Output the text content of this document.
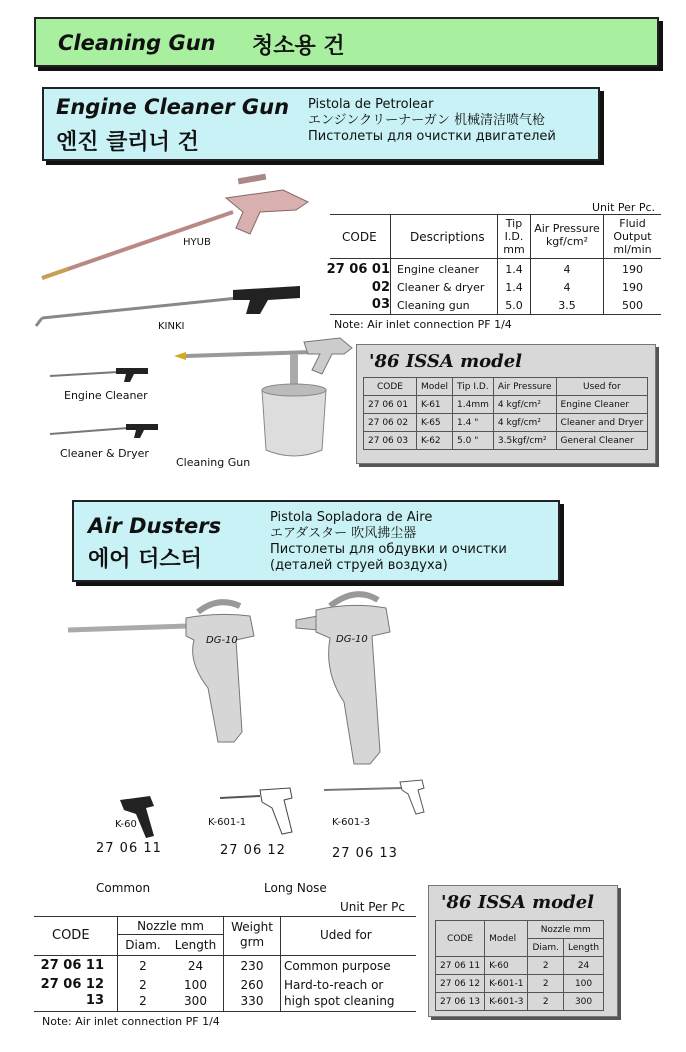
Cleaning Gun 청소용 건
Engine Cleaner Gun
엔진 클리너 건
Pistola de Petrolear
エンジンクリーナーガン 机械清洁喷气枪
Пистолеты для очистки двигателей
HYUB
KINKI
Engine Cleaner
Cleaner & Dryer
Cleaning Gun
Unit Per Pc.
CODE	Descriptions
Tip
I.D.
mm
Air Pressure
kgf/cm²
Fluid
Output
ml/min
27 06 01 Engine cleaner	1.4	4	190
02 Cleaner & dryer	1.4	4	190
03 Cleaning gun	5.0	3.5	500
Note: Air inlet connection PF 1/4
'86 ISSA model
CODE	Model	Tip I.D.	Air Pressure	Used for
27 06 01	K-61	1.4mm	4 kgf/cm²	Engine Cleaner
27 06 02	K-65	1.4 "	4 kgf/cm²	Cleaner and Dryer
27 06 03	K-62	5.0 "	3.5kgf/cm²	General Cleaner
Air Dusters
에어 더스터
Pistola Sopladora de Aire
エアダスター 吹风拂尘器
Пистолеты для обдувки и очистки
(деталей струей воздуха)
DG-10	DG-10
K-60	K-601-1	K-601-3
27 06 11	27 06 12	27 06 13
Common	Long Nose
Unit Per Pc
CODE
Nozzle mm
Diam.	Length
Weight
grm	Uded for
27 06 11	2	24	230	Common purpose
27 06 12	2	100	260	Hard-to-reach or
13	2	300	330	high spot cleaning
Note: Air inlet connection PF 1/4
'86 ISSA model
CODE	Model	Nozzle mm	
		Diam.	Length
27 06 11	K-60	2	24
27 06 12	K-601-1	2	100
27 06 13	K-601-3	2	300
